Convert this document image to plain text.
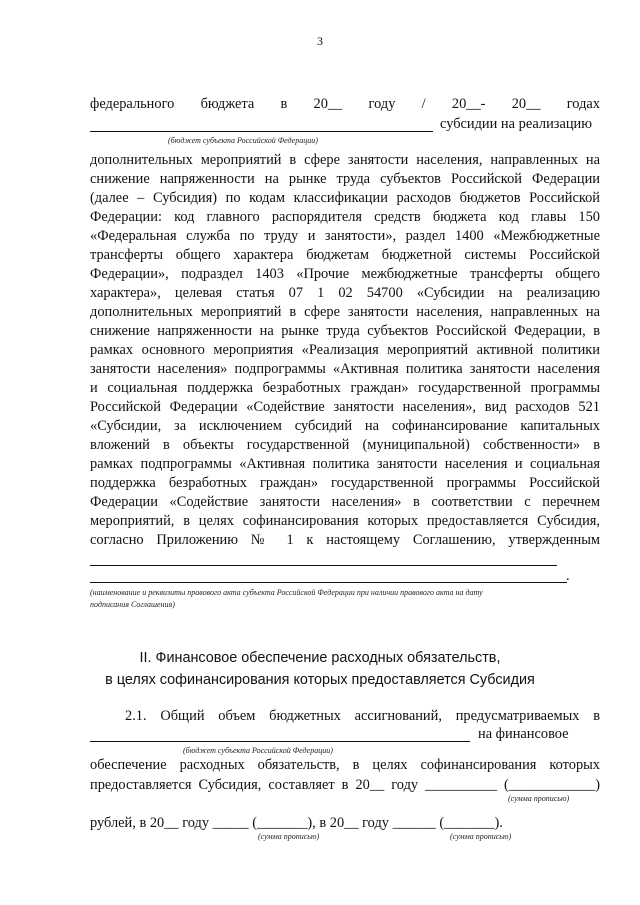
3
федерального бюджета в 20__ году / 20__- 20__ годах
субсидии на реализацию
(бюджет субъекта Российской Федерации)
дополнительных мероприятий в сфере занятости населения, направленных на
снижение напряженности на рынке труда субъектов Российской Федерации
(далее – Субсидия) по кодам классификации расходов бюджетов Российской
Федерации: код главного распорядителя средств бюджета код главы 150
«Федеральная служба по труду и занятости», раздел 1400 «Межбюджетные
трансферты общего характера бюджетам бюджетной системы Российской
Федерации», подраздел 1403 «Прочие межбюджетные трансферты общего
характера», целевая статья 07 1 02 54700 «Субсидии на реализацию
дополнительных мероприятий в сфере занятости населения, направленных на
снижение напряженности на рынке труда субъектов Российской Федерации, в
рамках основного мероприятия «Реализация мероприятий активной политики
занятости населения» подпрограммы «Активная политика занятости населения
и социальная поддержка безработных граждан» государственной программы
Российской Федерации «Содействие занятости населения», вид расходов 521
«Субсидии, за исключением субсидий на софинансирование капитальных
вложений в объекты государственной (муниципальной) собственности» в
рамках подпрограммы «Активная политика занятости населения и социальная
поддержка безработных граждан» государственной программы Российской
Федерации «Содействие занятости населения» в соответствии с перечнем
мероприятий, в целях софинансирования которых предоставляется Субсидия,
согласно Приложению № 1 к настоящему Соглашению, утвержденным
.
(наименование и реквизиты правового акта субъекта Российской Федерации при наличии правового акта на дату
подписания Соглашения)
II. Финансовое обеспечение расходных обязательств,
в целях софинансирования которых предоставляется Субсидия
2.1. Общий объем бюджетных ассигнований, предусматриваемых в
на финансовое
(бюджет субъекта Российской Федерации)
обеспечение расходных обязательств, в целях софинансирования которых
предоставляется Субсидия, составляет в 20__ году __________ (____________)
(сумма прописью)
рублей, в 20__ году _____ (_______), в 20__ году ______ (_______).
(сумма прописью)	(сумма прописью)
